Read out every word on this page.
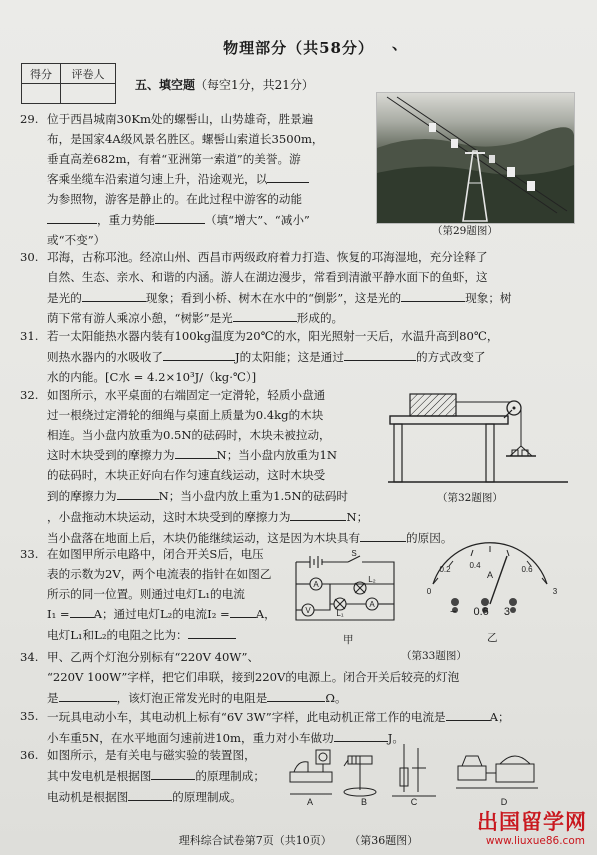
物理部分（共58分） 、
得分	评卷人

五、填空题（每空1分，共21分）
（第29题图）
29. 位于西昌城南30Km处的螺髻山，山势雄奇，胜景遍

布，是国家4A级风景名胜区。螺髻山索道长3500m，

垂直高差682m，有着“亚洲第一索道”的美誉。游

客乘坐缆车沿索道匀速上升，沿途观光，以

为参照物，游客是静止的。在此过程中游客的动能

，重力势能	（填“增大”、“减小”

或“不变”）

30. 邛海，古称邛池。经凉山州、西昌市两级政府着力打造、恢复的邛海湿地，充分诠释了

自然、生态、亲水、和谐的内涵。游人在湖边漫步，常看到清澈平静水面下的鱼虾，这

是光的	现象；看到小桥、树木在水中的“倒影”，这是光的	现象；树

荫下常有游人乘凉小憩，“树影”是光	形成的。

31. 若一太阳能热水器内装有100kg温度为20℃的水，阳光照射一天后，水温升高到80℃，

则热水器内的水吸收了	J的太阳能；这是通过	的方式改变了

水的内能。[C水 = 4.2×10³J/（kg·℃）]

（第32题图）
32. 如图所示，水平桌面的右端固定一定滑轮，轻质小盘通

过一根绕过定滑轮的细绳与桌面上质量为0.4kg的木块

相连。当小盘内放重为0.5N的砝码时，木块未被拉动，

这时木块受到的摩擦力为	N；当小盘内放重为1N

的砝码时，木块正好向右作匀速直线运动，这时木块受

到的摩擦力为	N；当小盘内放上重为1.5N的砝码时

，小盘拖动木块运动，这时木块受到的摩擦力为	N；

当小盘落在地面上后，木块仍能继续运动，这是因为木块具有	的原因。

33. 在如图甲所示电路中，闭合开关S后，电压

表的示数为2V，两个电流表的指针在如图乙

所示的同一位置。则通过电灯L₁的电流

I₁ = A；通过电灯L₂的电流I₂ = A，

电灯L₁和L₂的电阻之比为：

A
A
V
S
L₂
L₁
甲
A
0
0.2 0.4	0.6
3
− 0.6 3
乙
（第33题图）
34. 甲、乙两个灯泡分别标有“220V 40W”、

“220V 100W”字样，把它们串联，接到220V的电源上。闭合开关后较亮的灯泡

是	，该灯泡正常发光时的电阻是	Ω。

35. 一玩具电动小车，其电动机上标有“6V 3W”字样，此电动机正常工作的电流是	A；

小车重5N，在水平地面匀速前进10m，重力对小车做功	J。

36. 如图所示，是有关电与磁实验的装置图，

其中发电机是根据图	的原理制成；

电动机是根据图	的原理制成。	A	B	C	D
理科综合试卷第7页（共10页） （第36题图）
出国留学网
www.liuxue86.com
